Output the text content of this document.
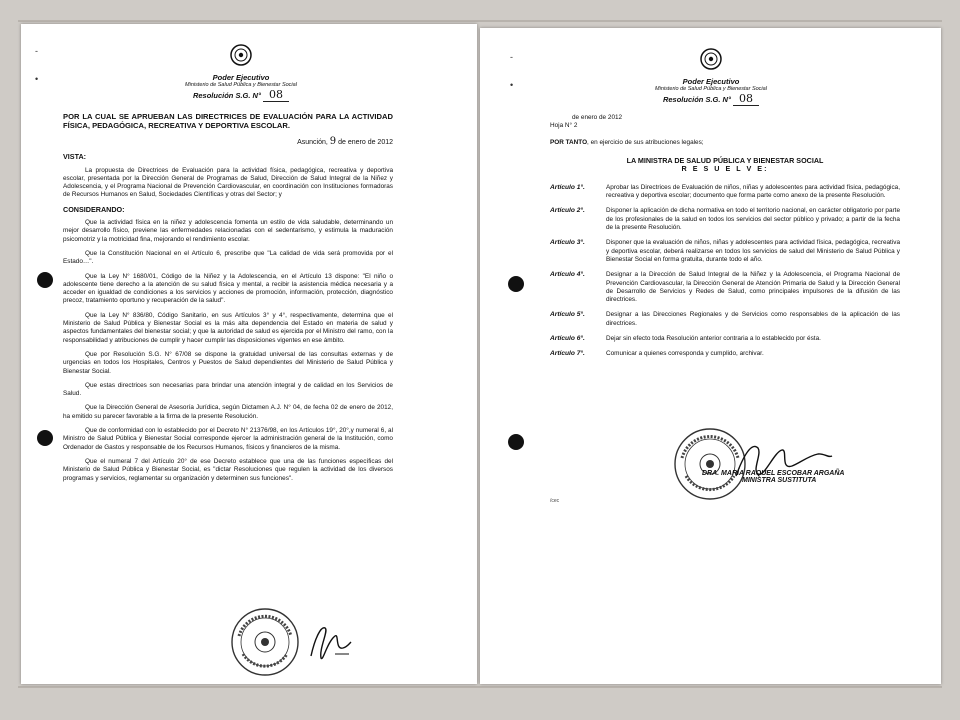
-
•	Poder Ejecutivo
Ministerio de Salud Pública y Bienestar Social
Resolución S.G. N° 08
POR LA CUAL SE APRUEBAN LAS DIRECTRICES DE EVALUACIÓN PARA LA ACTIVIDAD FÍSICA, PEDAGÓGICA, RECREATIVA Y DEPORTIVA ESCOLAR.
Asunción, 9 de enero de 2012
VISTA:

La propuesta de Directrices de Evaluación para la actividad física, pedagógica, recreativa y deportiva escolar, presentada por la Dirección General de Programas de Salud, Dirección de Salud Integral de la Niñez y Adolescencia, y el Programa Nacional de Prevención Cardiovascular, en coordinación con Instituciones formadoras de Recursos Humanos en Salud, Sociedades Científicas y otras del Sector; y

CONSIDERANDO:

Que la actividad física en la niñez y adolescencia fomenta un estilo de vida saludable, determinando un mejor desarrollo físico, previene las enfermedades relacionadas con el sedentarismo, y estimula la maduración psicomotriz y la motricidad fina, mejorando el rendimiento escolar.

Que la Constitución Nacional en el Artículo 6, prescribe que "La calidad de vida será promovida por el Estado…".

Que la Ley N° 1680/01, Código de la Niñez y la Adolescencia, en el Artículo 13 dispone: "El niño o adolescente tiene derecho a la atención de su salud física y mental, a recibir la asistencia médica necesaria y a acceder en igualdad de condiciones a los servicios y acciones de promoción, información, protección, diagnóstico precoz, tratamiento oportuno y recuperación de la salud".

Que la Ley N° 836/80, Código Sanitario, en sus Artículos 3° y 4°, respectivamente, determina que el Ministerio de Salud Pública y Bienestar Social es la más alta dependencia del Estado en materia de salud y aspectos fundamentales del bienestar social; y que la autoridad de salud es ejercida por el Ministro del ramo, con la responsabilidad y atribuciones de cumplir y hacer cumplir las disposiciones vigentes en ese ámbito.

Que por Resolución S.G. N° 67/08 se dispone la gratuidad universal de las consultas externas y de urgencias en todos los Hospitales, Centros y Puestos de Salud dependientes del Ministerio de Salud Pública y Bienestar Social.

Que estas directrices son necesarias para brindar una atención integral y de calidad en los Servicios de Salud.

Que la Dirección General de Asesoría Jurídica, según Dictamen A.J. N° 04, de fecha 02 de enero de 2012, ha emitido su parecer favorable a la firma de la presente Resolución.

Que de conformidad con lo establecido por el Decreto N° 21376/98, en los Artículos 19°, 20°,y numeral 6, al Ministro de Salud Pública y Bienestar Social corresponde ejercer la administración general de la Institución, como Ordenador de Gastos y responsable de los Recursos Humanos, físicos y financieros de la misma.

Que el numeral 7 del Artículo 20° de ese Decreto establece que una de las funciones específicas del Ministerio de Salud Pública y Bienestar Social, es "dictar Resoluciones que regulen la actividad de los diversos programas y servicios, reglamentar su organización y determinen sus funciones".

-
•	Poder Ejecutivo
Ministerio de Salud Pública y Bienestar Social
Resolución S.G. N° 08
de enero de 2012
Hoja N° 2
POR TANTO, en ejercicio de sus atribuciones legales;
LA MINISTRA DE SALUD PÚBLICA Y BIENESTAR SOCIAL
R E S U E L V E:
Artículo 1°.	Aprobar las Directrices de Evaluación de niños, niñas y adolescentes para actividad física, pedagógica, recreativa y deportiva escolar; documento que forma parte como anexo de la presente Resolución.
Artículo 2°.	Disponer la aplicación de dicha normativa en todo el territorio nacional, en carácter obligatorio por parte de los profesionales de la salud en todos los servicios del sector público y privado; a partir de la fecha de la presente Resolución.
Artículo 3°.	Disponer que la evaluación de niños, niñas y adolescentes para actividad física, pedagógica, recreativa y deportiva escolar, deberá realizarse en todos los servicios de salud del Ministerio de Salud Pública y Bienestar Social en forma gratuita, durante todo el año.
Artículo 4°.	Designar a la Dirección de Salud Integral de la Niñez y la Adolescencia, el Programa Nacional de Prevención Cardiovascular, la Dirección General de Atención Primaria de Salud y la Dirección General de Desarrollo de Servicios y Redes de Salud, como principales impulsores de la difusión de las directrices.
Artículo 5°.	Designar a las Direcciones Regionales y de Servicios como responsables de la aplicación de las directrices.
Artículo 6°.	Dejar sin efecto toda Resolución anterior contraria a lo establecido por ésta.
Artículo 7°.	Comunicar a quienes corresponda y cumplido, archivar.
DRA. MARÍA RAQUEL ESCOBAR ARGAÑA
MINISTRA SUSTITUTA
/cec
